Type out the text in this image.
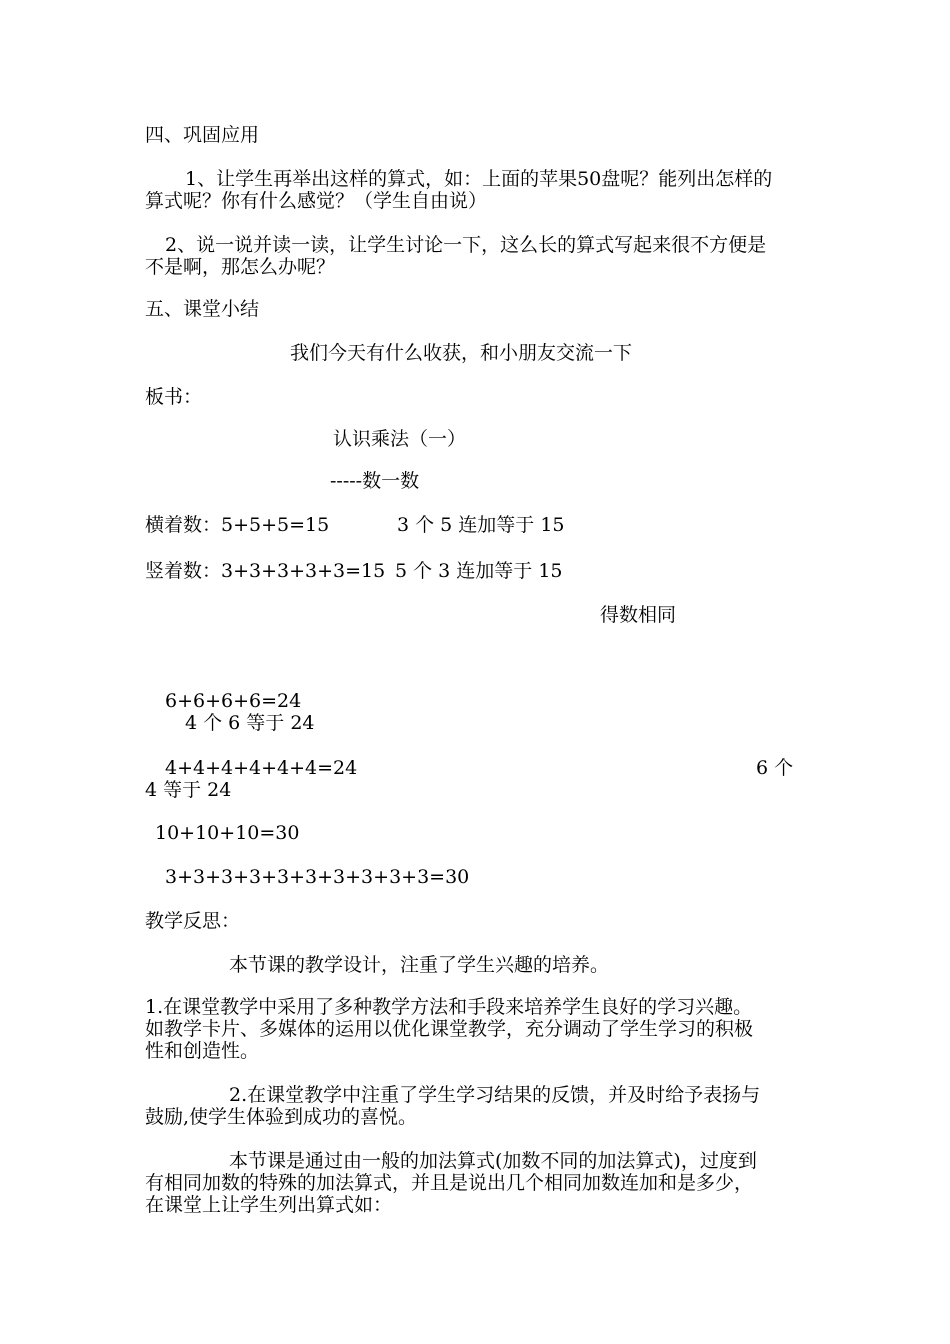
四、巩固应用
1、让学生再举出这样的算式，如：上面的苹果50盘呢？能列出怎样的
算式呢？你有什么感觉？（学生自由说）
2、说一说并读一读，让学生讨论一下，这么长的算式写起来很不方便是
不是啊，那怎么办呢？
五、课堂小结
我们今天有什么收获，和小朋友交流一下
板书：
认识乘法（一）
-----数一数
横着数：5+5+5=15	3 个 5 连加等于 15
竖着数：3+3+3+3+3=15 5 个 3 连加等于 15
得数相同
6+6+6+6=24
4 个 6 等于 24
4+4+4+4+4+4=24	6 个
4 等于 24
10+10+10=30
3+3+3+3+3+3+3+3+3+3=30
教学反思：
本节课的教学设计，注重了学生兴趣的培养。
1.在课堂教学中采用了多种教学方法和手段来培养学生良好的学习兴趣。
如教学卡片、多媒体的运用以优化课堂教学，充分调动了学生学习的积极
性和创造性。
2.在课堂教学中注重了学生学习结果的反馈，并及时给予表扬与
鼓励,使学生体验到成功的喜悦。
本节课是通过由一般的加法算式(加数不同的加法算式)，过度到
有相同加数的特殊的加法算式，并且是说出几个相同加数连加和是多少，
在课堂上让学生列出算式如：
